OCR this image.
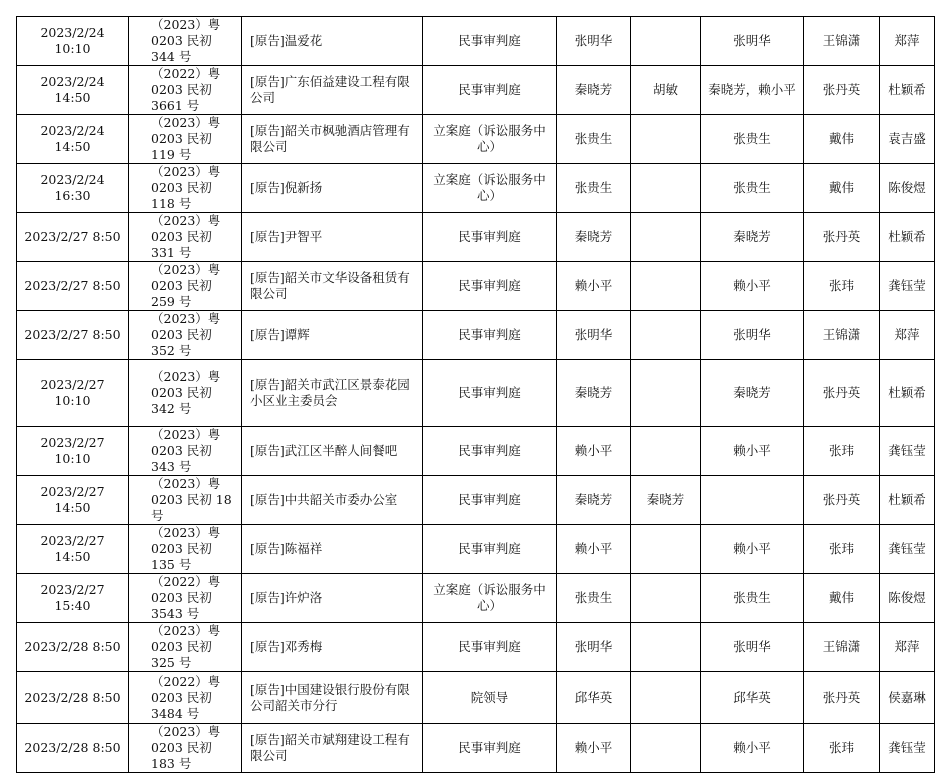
2023/2/24 10:10	（2023）粤 0203 民初 344 号	[原告]温爱花	民事审判庭	张明华		张明华	王锦潇	郑萍
2023/2/24 14:50	（2022）粤 0203 民初 3661 号	[原告]广东佰益建设工程有限公司	民事审判庭	秦晓芳	胡敏	秦晓芳，赖小平	张丹英	杜颖希
2023/2/24 14:50	（2023）粤 0203 民初 119 号	[原告]韶关市枫驰酒店管理有限公司	立案庭（诉讼服务中心）	张贵生		张贵生	戴伟	袁吉盛
2023/2/24 16:30	（2023）粤 0203 民初 118 号	[原告]倪新扬	立案庭（诉讼服务中心）	张贵生		张贵生	戴伟	陈俊煜
2023/2/27 8:50	（2023）粤 0203 民初 331 号	[原告]尹智平	民事审判庭	秦晓芳		秦晓芳	张丹英	杜颖希
2023/2/27 8:50	（2023）粤 0203 民初 259 号	[原告]韶关市文华设备租赁有限公司	民事审判庭	赖小平		赖小平	张玮	龚钰莹
2023/2/27 8:50	（2023）粤 0203 民初 352 号	[原告]谭辉	民事审判庭	张明华		张明华	王锦潇	郑萍
2023/2/27 10:10	（2023）粤 0203 民初 342 号	[原告]韶关市武江区景泰花园小区业主委员会	民事审判庭	秦晓芳		秦晓芳	张丹英	杜颖希
2023/2/27 10:10	（2023）粤 0203 民初 343 号	[原告]武江区半醉人间餐吧	民事审判庭	赖小平		赖小平	张玮	龚钰莹
2023/2/27 14:50	（2023）粤 0203 民初 18 号	[原告]中共韶关市委办公室	民事审判庭	秦晓芳	秦晓芳		张丹英	杜颖希
2023/2/27 14:50	（2023）粤 0203 民初 135 号	[原告]陈福祥	民事审判庭	赖小平		赖小平	张玮	龚钰莹
2023/2/27 15:40	（2022）粤 0203 民初 3543 号	[原告]许炉洛	立案庭（诉讼服务中心）	张贵生		张贵生	戴伟	陈俊煜
2023/2/28 8:50	（2023）粤 0203 民初 325 号	[原告]邓秀梅	民事审判庭	张明华		张明华	王锦潇	郑萍
2023/2/28 8:50	（2022）粤 0203 民初 3484 号	[原告]中国建设银行股份有限公司韶关市分行	院领导	邱华英		邱华英	张丹英	侯嘉琳
2023/2/28 8:50	（2023）粤 0203 民初 183 号	[原告]韶关市斌翔建设工程有限公司	民事审判庭	赖小平		赖小平	张玮	龚钰莹
